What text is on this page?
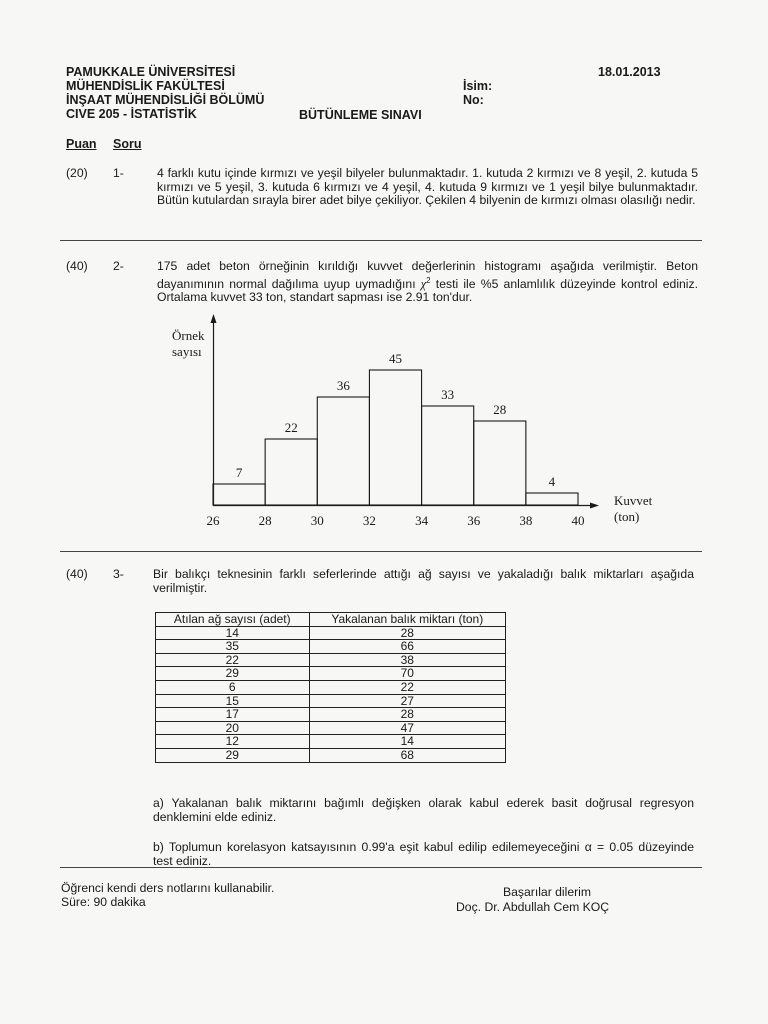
PAMUKKALE ÜNİVERSİTESİ
MÜHENDİSLİK FAKÜLTESİ
İNŞAAT MÜHENDİSLİĞİ BÖLÜMÜ
CIVE 205 - İSTATİSTİK	BÜTÜNLEME SINAVI
İsim:
No:
18.01.2013
Puan Soru
(20) 1-	4 farklı kutu içinde kırmızı ve yeşil bilyeler bulunmaktadır. 1. kutuda 2 kırmızı ve 8 yeşil, 2. kutuda 5 kırmızı ve 5 yeşil, 3. kutuda 6 kırmızı ve 4 yeşil, 4. kutuda 9 kırmızı ve 1 yeşil bilye bulunmaktadır. Bütün kutulardan sırayla birer adet bilye çekiliyor. Çekilen 4 bilyenin de kırmızı olması olasılığı nedir.
(40) 2-	175 adet beton örneğinin kırıldığı kuvvet değerlerinin histogramı aşağıda verilmiştir. Beton dayanımının normal dağılıma uyup uymadığını $\chi^2$ testi ile %5 anlamlılık düzeyinde kontrol ediniz. Ortalama kuvvet 33 ton, standart sapması ise 2.91 ton'dur.
7
22
36
45
33
28
4
26	28	30	32	34	36	38	40
Örnek
sayısı
Kuvvet
(ton)
(40) 3- Bir balıkçı teknesinin farklı seferlerinde attığı ağ sayısı ve yakaladığı balık miktarları aşağıda verilmiştir.
Atılan ağ sayısı (adet)	Yakalanan balık miktarı (ton)
14	28
35	66
22	38
29	70
6	22
15	27
17	28
20	47
12	14
29	68
a) Yakalanan balık miktarını bağımlı değişken olarak kabul ederek basit doğrusal regresyon denklemini elde ediniz.
b) Toplumun korelasyon katsayısının 0.99'a eşit kabul edilip edilemeyeceğini α = 0.05 düzeyinde test ediniz.
Öğrenci kendi ders notlarını kullanabilir.
Süre: 90 dakika
Başarılar dilerim
Doç. Dr. Abdullah Cem KOÇ
